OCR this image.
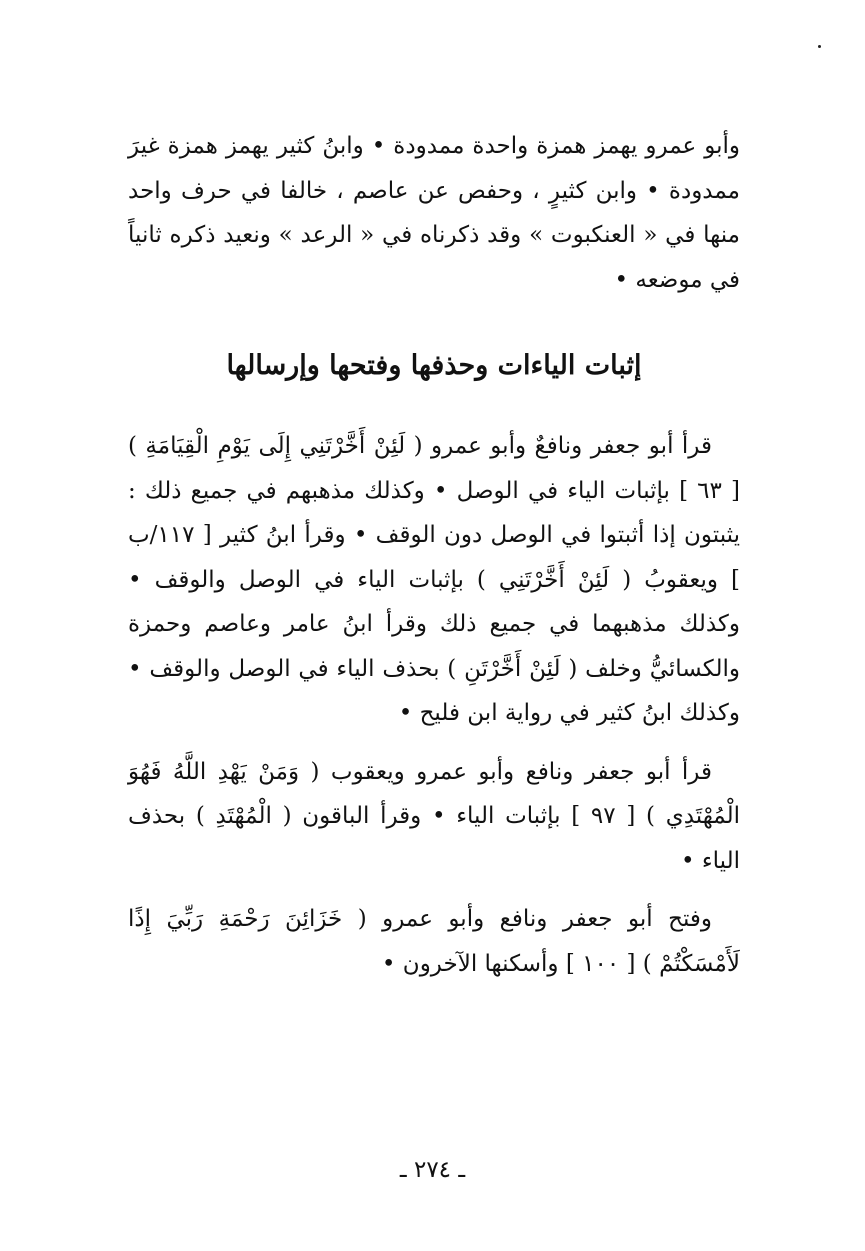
وأبو عمرو يهمز همزة واحدة ممدودة • وابنُ كثير يهمز همزة غيرَ ممدودة • وابن كثيرٍ ، وحفص عن عاصم ، خالفا في حرف واحد منها في « العنكبوت » وقد ذكرناه في « الرعد » ونعيد ذكره ثانياً في موضعه •

إثبات الياءات وحذفها وفتحها وإرسالها

قرأ أبو جعفر ونافعٌ وأبو عمرو ( لَئِنْ أَخَّرْتَنِي إِلَى يَوْمِ الْقِيَامَةِ ) [ ٦٣ ] بإثبات الياء في الوصل • وكذلك مذهبهم في جميع ذلك : يثبتون إذا أثبتوا في الوصل دون الوقف • وقرأ ابنُ كثير [ ١١٧/ب ] ويعقوبُ ( لَئِنْ أَخَّرْتَنِي ) بإثبات الياء في الوصل والوقف • وكذلك مذهبهما في جميع ذلك وقرأ ابنُ عامر وعاصم وحمزة والكسائيُّ وخلف ( لَئِنْ أَخَّرْتَنِ ) بحذف الياء في الوصل والوقف • وكذلك ابنُ كثير في رواية ابن فليح •

قرأ أبو جعفر ونافع وأبو عمرو ويعقوب ( وَمَنْ يَهْدِ اللَّهُ فَهُوَ الْمُهْتَدِي ) [ ٩٧ ] بإثبات الياء • وقرأ الباقون ( الْمُهْتَدِ ) بحذف الياء •

وفتح أبو جعفر ونافع وأبو عمرو ( خَزَائِنَ رَحْمَةِ رَبِّيَ إِذًا لَأَمْسَكْتُمْ ) [ ١٠٠ ] وأسكنها الآخرون •

ـ ٢٧٤ ـ
